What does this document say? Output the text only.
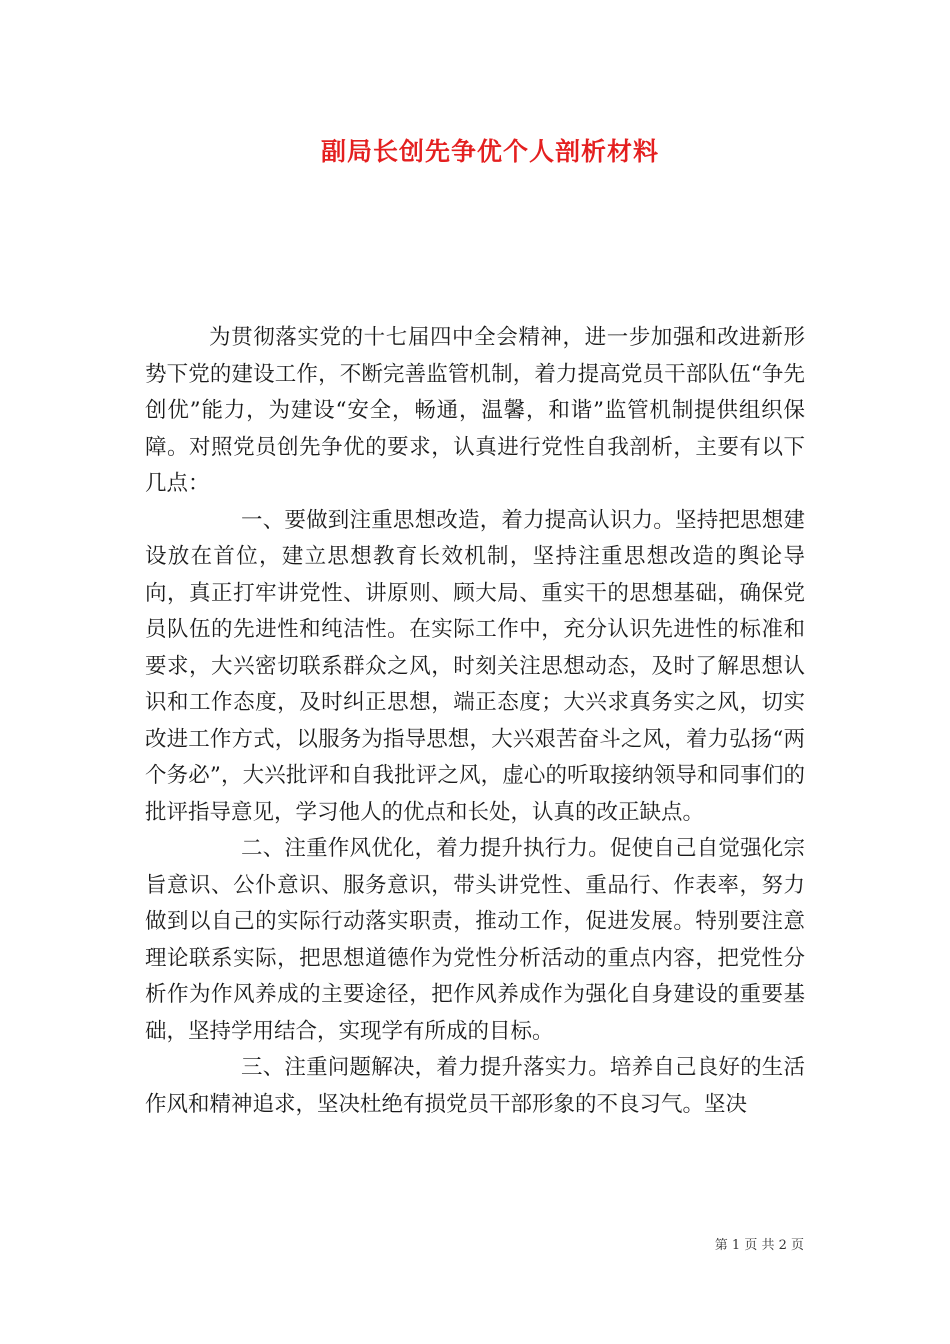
副局长创先争优个人剖析材料

为贯彻落实党的十七届四中全会精神，进一步加强和改进新形势下党的建设工作，不断完善监管机制，着力提高党员干部队伍“争先创优”能力，为建设“安全，畅通，温馨，和谐”监管机制提供组织保障。对照党员创先争优的要求，认真进行党性自我剖析，主要有以下几点：

一、要做到注重思想改造，着力提高认识力。坚持把思想建设放在首位，建立思想教育长效机制，坚持注重思想改造的舆论导向，真正打牢讲党性、讲原则、顾大局、重实干的思想基础，确保党员队伍的先进性和纯洁性。在实际工作中，充分认识先进性的标准和要求，大兴密切联系群众之风，时刻关注思想动态，及时了解思想认识和工作态度，及时纠正思想，端正态度；大兴求真务实之风，切实改进工作方式，以服务为指导思想，大兴艰苦奋斗之风，着力弘扬“两个务必”，大兴批评和自我批评之风，虚心的听取接纳领导和同事们的批评指导意见，学习他人的优点和长处，认真的改正缺点。

二、注重作风优化，着力提升执行力。促使自己自觉强化宗旨意识、公仆意识、服务意识，带头讲党性、重品行、作表率，努力做到以自己的实际行动落实职责，推动工作，促进发展。特别要注意理论联系实际，把思想道德作为党性分析活动的重点内容，把党性分析作为作风养成的主要途径，把作风养成作为强化自身建设的重要基础，坚持学用结合，实现学有所成的目标。

三、注重问题解决，着力提升落实力。培养自己良好的生活作风和精神追求，坚决杜绝有损党员干部形象的不良习气。坚决

第 1 页 共 2 页
